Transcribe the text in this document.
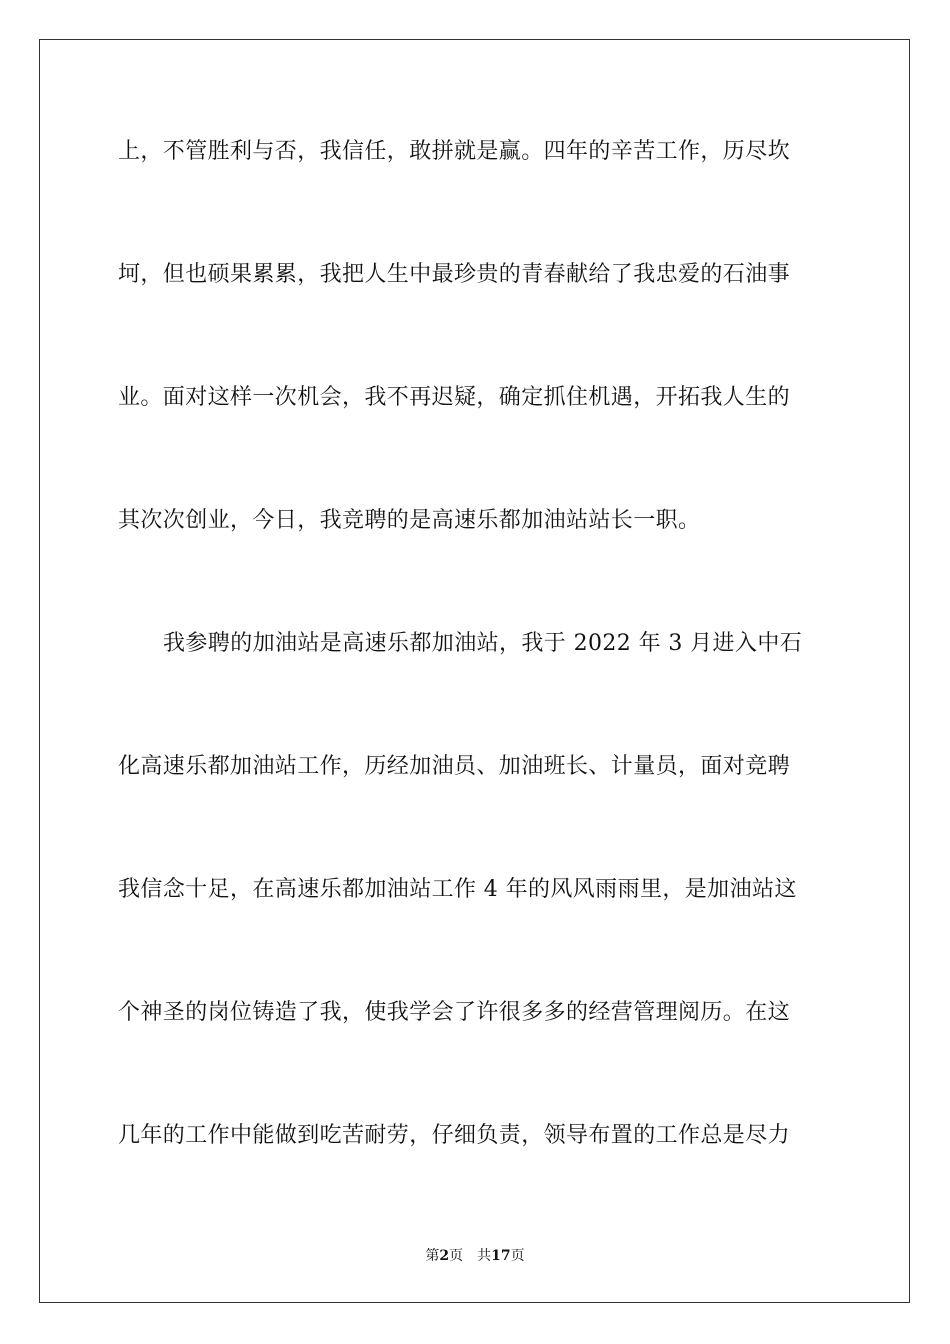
上，不管胜利与否，我信任，敢拼就是赢。四年的辛苦工作，历尽坎
坷，但也硕果累累，我把人生中最珍贵的青春献给了我忠爱的石油事
业。面对这样一次机会，我不再迟疑，确定抓住机遇，开拓我人生的
其次次创业，今日，我竞聘的是高速乐都加油站站长一职。
我参聘的加油站是高速乐都加油站，我于 2022 年 3 月进入中石
化高速乐都加油站工作，历经加油员、加油班长、计量员，面对竞聘
我信念十足，在高速乐都加油站工作 4 年的风风雨雨里，是加油站这
个神圣的岗位铸造了我，使我学会了许很多多的经营管理阅历。在这
几年的工作中能做到吃苦耐劳，仔细负责，领导布置的工作总是尽力
第2页 共17页
